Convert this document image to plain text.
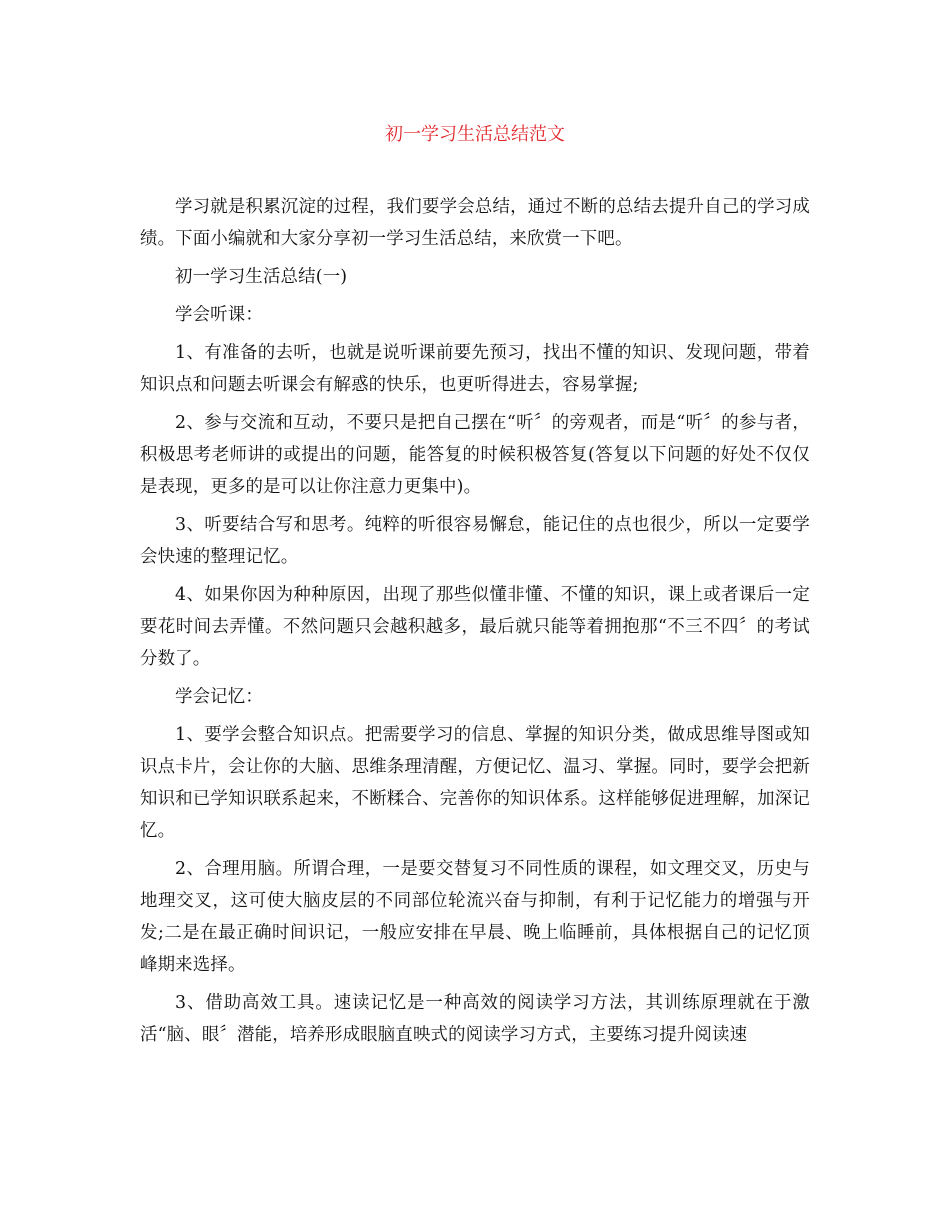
初一学习生活总结范文

学习就是积累沉淀的过程，我们要学会总结，通过不断的总结去提升自己的学习成绩。下面小编就和大家分享初一学习生活总结，来欣赏一下吧。

初一学习生活总结(一)

学会听课：

1、有准备的去听，也就是说听课前要先预习，找出不懂的知识、发现问题，带着知识点和问题去听课会有解惑的快乐，也更听得进去，容易掌握;

2、参与交流和互动，不要只是把自己摆在“听〞的旁观者，而是“听〞的参与者，积极思考老师讲的或提出的问题，能答复的时候积极答复(答复以下问题的好处不仅仅是表现，更多的是可以让你注意力更集中)。

3、听要结合写和思考。纯粹的听很容易懈怠，能记住的点也很少，所以一定要学会快速的整理记忆。

4、如果你因为种种原因，出现了那些似懂非懂、不懂的知识，课上或者课后一定要花时间去弄懂。不然问题只会越积越多，最后就只能等着拥抱那“不三不四〞的考试分数了。

学会记忆：

1、要学会整合知识点。把需要学习的信息、掌握的知识分类，做成思维导图或知识点卡片，会让你的大脑、思维条理清醒，方便记忆、温习、掌握。同时，要学会把新知识和已学知识联系起来，不断糅合、完善你的知识体系。这样能够促进理解，加深记忆。

2、合理用脑。所谓合理，一是要交替复习不同性质的课程，如文理交叉，历史与地理交叉，这可使大脑皮层的不同部位轮流兴奋与抑制，有利于记忆能力的增强与开发;二是在最正确时间识记，一般应安排在早晨、晚上临睡前，具体根据自己的记忆顶峰期来选择。

3、借助高效工具。速读记忆是一种高效的阅读学习方法，其训练原理就在于激活“脑、眼〞潜能，培养形成眼脑直映式的阅读学习方式，主要练习提升阅读速
